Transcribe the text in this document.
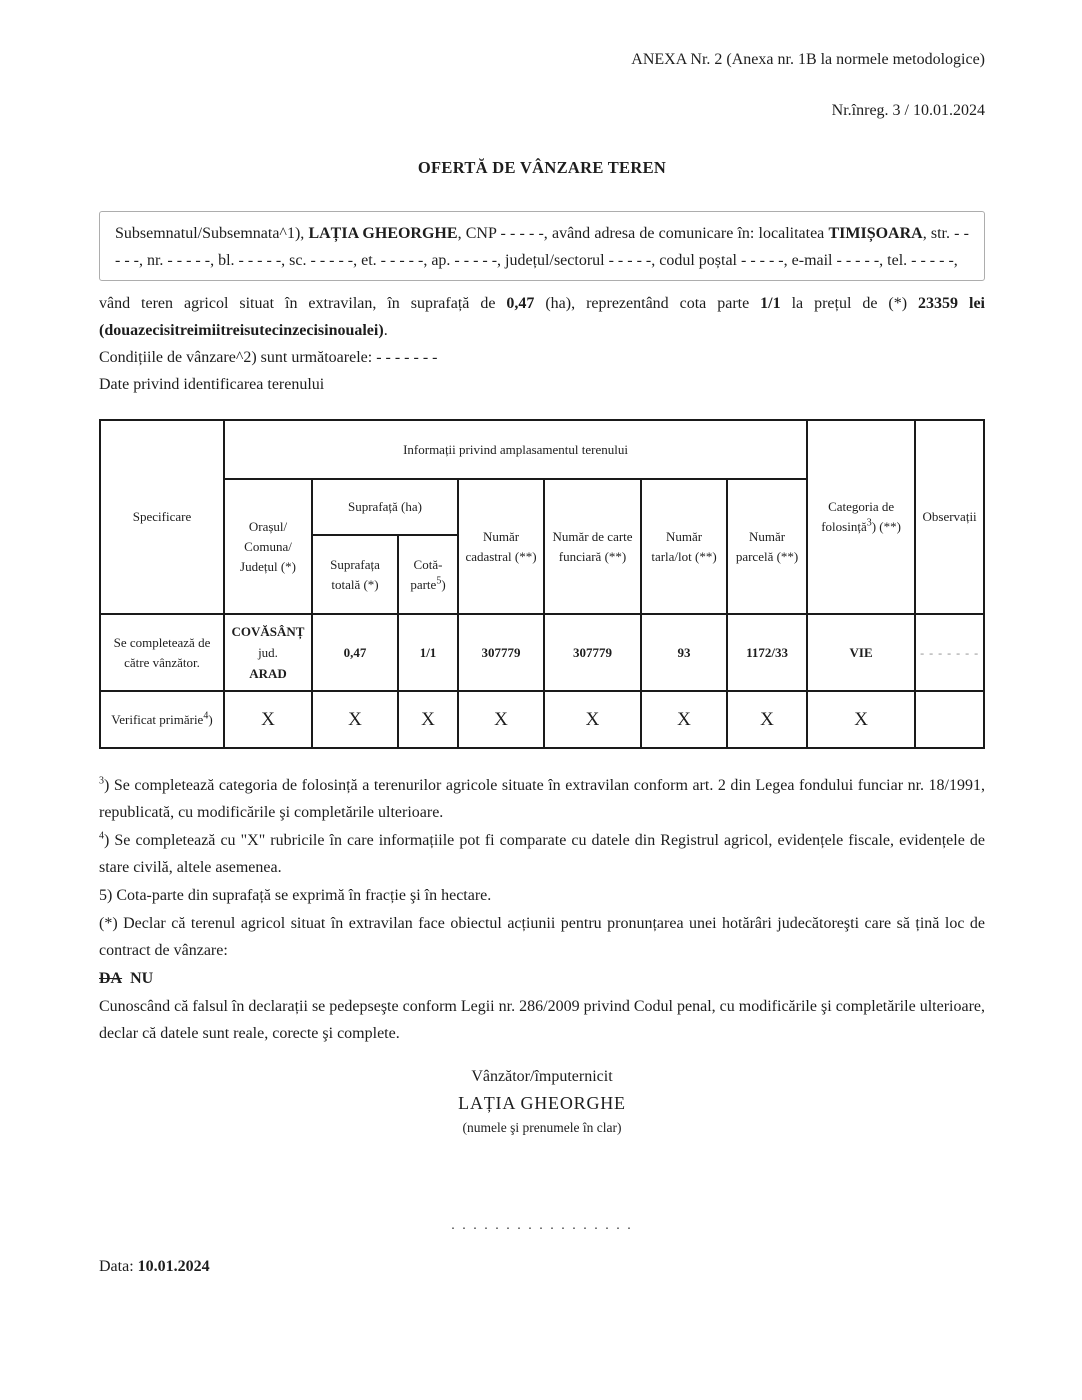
ANEXA Nr. 2 (Anexa nr. 1B la normele metodologice)
Nr.înreg. 3 / 10.01.2024
OFERTĂ DE VÂNZARE TEREN
Subsemnatul/Subsemnata^1), LAȚIA GHEORGHE, CNP - - - - -, având adresa de comunicare în: localitatea TIMIȘOARA, str. - - - - -, nr. - - - - -, bl. - - - - -, sc. - - - - -, et. - - - - -, ap. - - - - -, județul/sectorul - - - - -, codul poștal - - - - -, e-mail - - - - -, tel. - - - - -,

vând teren agricol situat în extravilan, în suprafață de 0,47 (ha), reprezentând cota parte 1/1 la prețul de (*) 23359 lei (douazecisitreimiitreisutecinzecisinoualei).

Condițiile de vânzare^2) sunt următoarele: - - - - - - -

Date privind identificarea terenului

Specificare	Informații privind amplasamentul terenului							Categoria de folosință$^3$) (**)	Observații
	Orașul/ Comuna/ Județul (*)	Suprafață (ha)		Număr cadastral (**)	Număr de carte funciară (**)	Număr tarla/lot (**)	Număr parcelă (**)		
		Suprafața totală (*)	Cotă-parte$^5$)						
Se completează de către vânzător.	COVĂSÂNȚ
jud.
ARAD	0,47	1/1	307779	307779	93	1172/33	VIE	- - - - - - -
Verificat primărie$^4$)	X	X	X	X	X	X	X	X	

$^3$) Se completează categoria de folosință a terenurilor agricole situate în extravilan conform art. 2 din Legea fondului funciar nr. 18/1991, republicată, cu modificările şi completările ulterioare.

$^4$) Se completează cu "X" rubricile în care informațiile pot fi comparate cu datele din Registrul agricol, evidențele fiscale, evidențele de stare civilă, altele asemenea.

5) Cota-parte din suprafață se exprimă în fracție şi în hectare.

(*) Declar că terenul agricol situat în extravilan face obiectul acțiunii pentru pronunțarea unei hotărâri judecătoreşti care să țină loc de contract de vânzare:

DA NU

Cunoscând că falsul în declarații se pedepseşte conform Legii nr. 286/2009 privind Codul penal, cu modificările şi completările ulterioare, declar că datele sunt reale, corecte şi complete.

Vânzător/împuternicit
LAȚIA GHEORGHE
(numele şi prenumele în clar)
. . . . . . . . . . . . . . . . .
Data: 10.01.2024
